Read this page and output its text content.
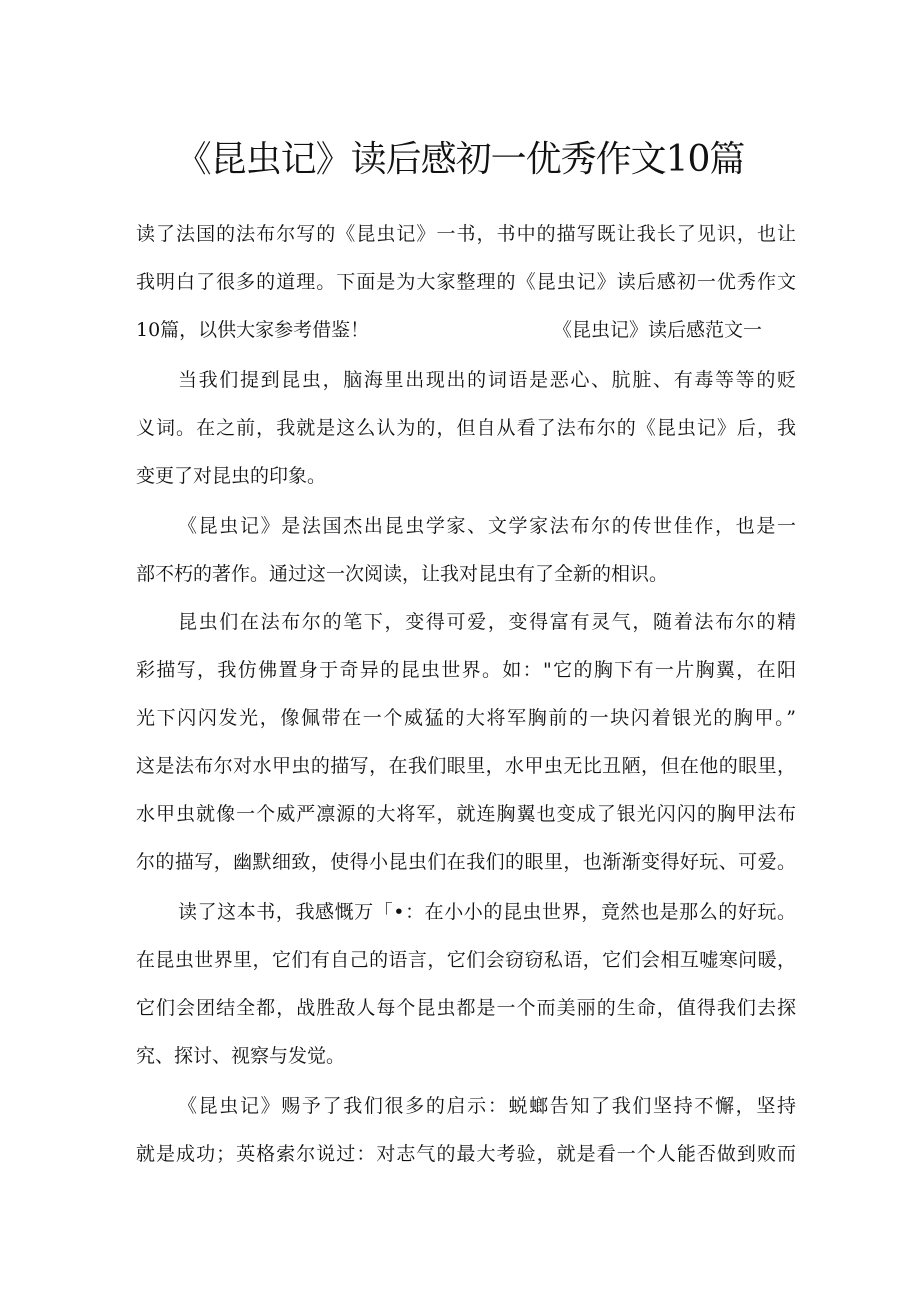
《昆虫记》读后感初一优秀作文10篇
读了法国的法布尔写的《昆虫记》一书，书中的描写既让我长了见识，也让
我明白了很多的道理。下面是为大家整理的《昆虫记》读后感初一优秀作文
10篇，以供大家参考借鉴！	《昆虫记》读后感范文一
当我们提到昆虫，脑海里出现出的词语是恶心、肮脏、有毒等等的贬
义词。在之前，我就是这么认为的，但自从看了法布尔的《昆虫记》后，我
变更了对昆虫的印象。
《昆虫记》是法国杰出昆虫学家、文学家法布尔的传世佳作，也是一
部不朽的著作。通过这一次阅读，让我对昆虫有了全新的相识。
昆虫们在法布尔的笔下，变得可爱，变得富有灵气，随着法布尔的精
彩描写，我仿佛置身于奇异的昆虫世界。如："它的胸下有一片胸翼，在阳
光下闪闪发光，像佩带在一个威猛的大将军胸前的一块闪着银光的胸甲。”
这是法布尔对水甲虫的描写，在我们眼里，水甲虫无比丑陋，但在他的眼里，
水甲虫就像一个威严凛源的大将军，就连胸翼也变成了银光闪闪的胸甲法布
尔的描写，幽默细致，使得小昆虫们在我们的眼里，也渐渐变得好玩、可爱。
读了这本书，我感慨万「•：在小小的昆虫世界，竟然也是那么的好玩。
在昆虫世界里，它们有自己的语言，它们会窃窃私语，它们会相互嘘寒问暖，
它们会团结全都，战胜敌人每个昆虫都是一个而美丽的生命，值得我们去探
究、探讨、视察与发觉。
《昆虫记》赐予了我们很多的启示：蜕螂告知了我们坚持不懈，坚持
就是成功；英格索尔说过：对志气的最大考验，就是看一个人能否做到败而
